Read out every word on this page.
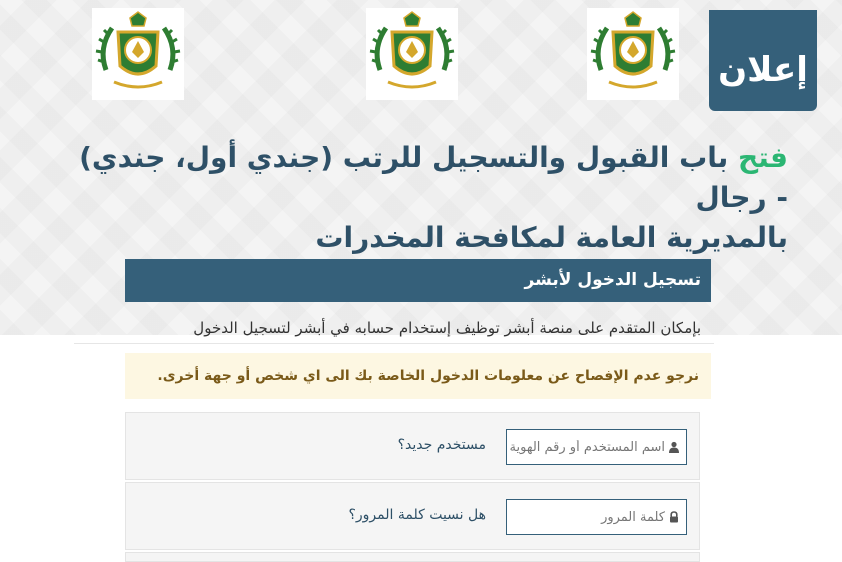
إعلان
فتح باب القبول والتسجيل للرتب (جندي أول، جندي) - رجال
بالمديرية العامة لمكافحة المخدرات
تسجيل الدخول لأبشر
بإمكان المتقدم على منصة أبشر توظيف إستخدام حسابه في أبشر لتسجيل الدخول
نرجو عدم الإفصاح عن معلومات الدخول الخاصة بك الى اي شخص أو جهة أخرى.
اسم المستخدم أو رقم الهوية
مستخدم جديد؟
هل نسيت كلمة المرور؟
